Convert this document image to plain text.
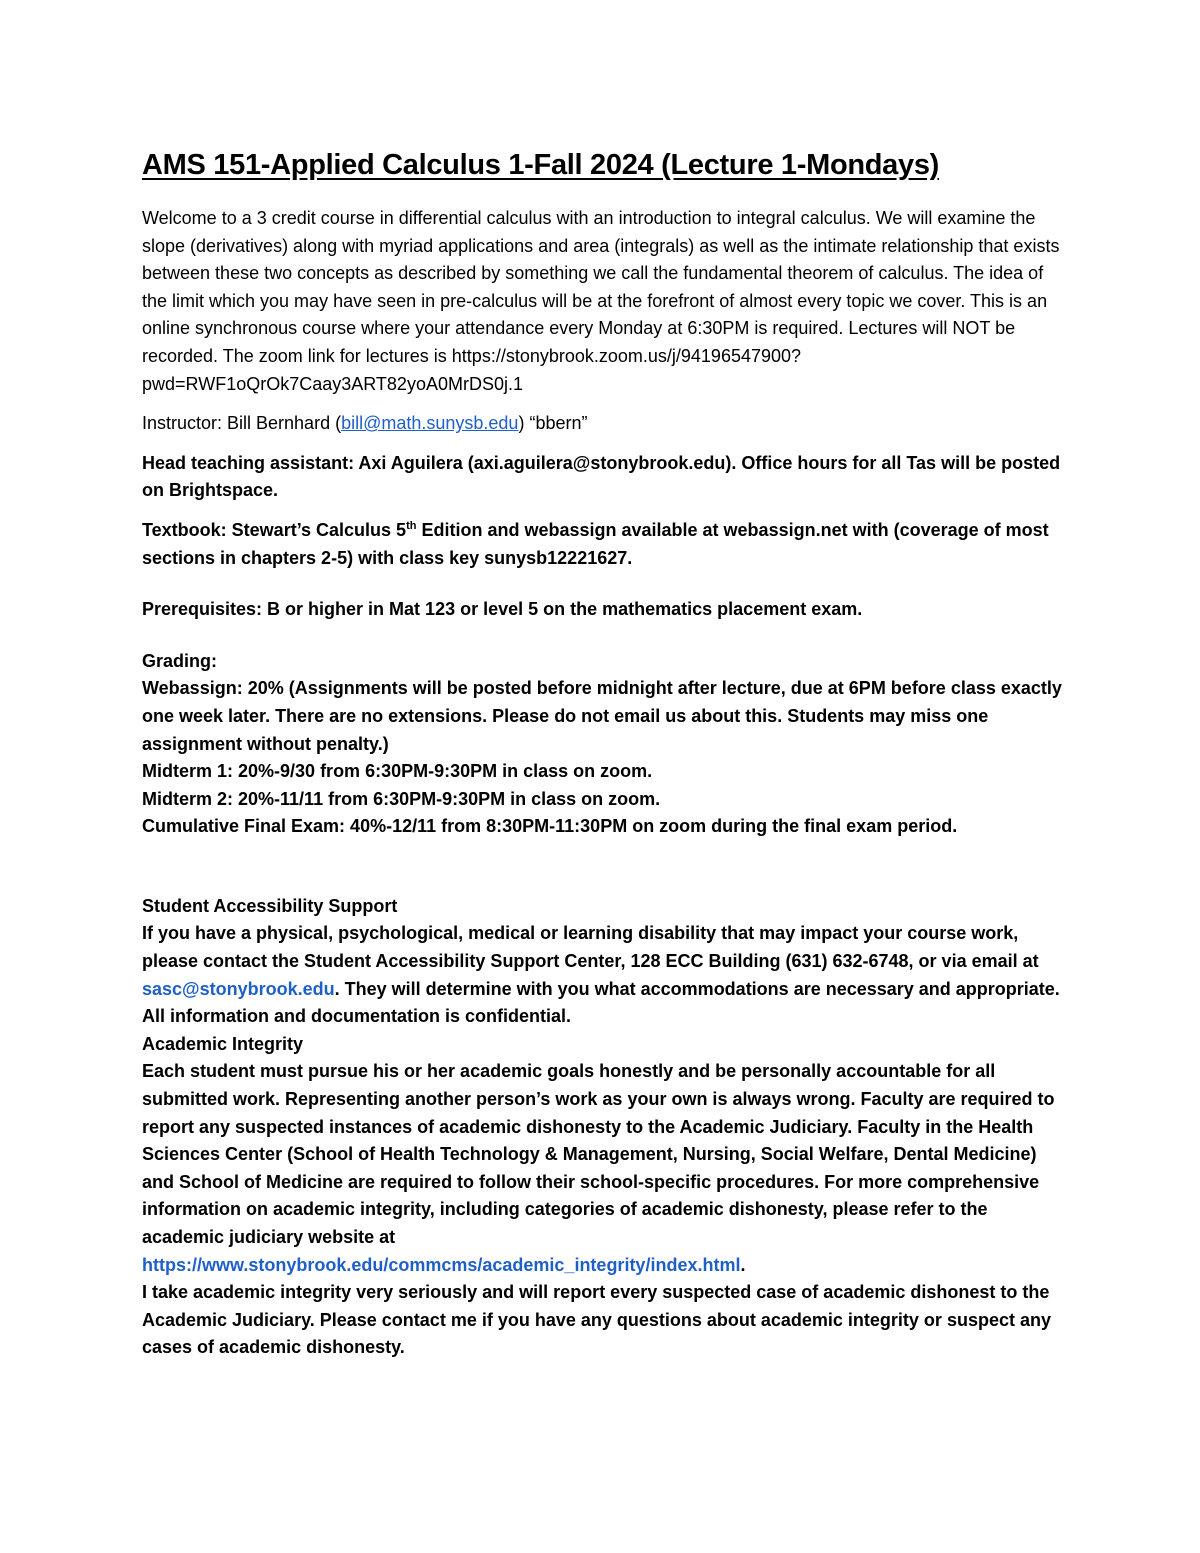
AMS 151-Applied Calculus 1-Fall 2024 (Lecture 1-Mondays)

Welcome to a 3 credit course in differential calculus with an introduction to integral calculus. We will examine the slope (derivatives) along with myriad applications and area (integrals) as well as the intimate relationship that exists between these two concepts as described by something we call the fundamental theorem of calculus. The idea of the limit which you may have seen in pre-calculus will be at the forefront of almost every topic we cover. This is an online synchronous course where your attendance every Monday at 6:30PM is required. Lectures will NOT be recorded. The zoom link for lectures is https://stonybrook.zoom.us/j/94196547900?pwd=RWF1oQrOk7Caay3ART82yoA0MrDS0j.1

Instructor: Bill Bernhard (bill@math.sunysb.edu) “bbern”

Head teaching assistant: Axi Aguilera (axi.aguilera@stonybrook.edu). Office hours for all Tas will be posted on Brightspace.

Textbook: Stewart’s Calculus 5th Edition and webassign available at webassign.net with (coverage of most sections in chapters 2-5) with class key sunysb12221627.

Prerequisites: B or higher in Mat 123 or level 5 on the mathematics placement exam.

Grading:

Webassign: 20% (Assignments will be posted before midnight after lecture, due at 6PM before class exactly one week later. There are no extensions. Please do not email us about this. Students may miss one assignment without penalty.)

Midterm 1: 20%-9/30 from 6:30PM-9:30PM in class on zoom.

Midterm 2: 20%-11/11 from 6:30PM-9:30PM in class on zoom.

Cumulative Final Exam: 40%-12/11 from 8:30PM-11:30PM on zoom during the final exam period.

Student Accessibility Support

If you have a physical, psychological, medical or learning disability that may impact your course work, please contact the Student Accessibility Support Center, 128 ECC Building (631) 632-6748, or via email at sasc@stonybrook.edu. They will determine with you what accommodations are necessary and appropriate. All information and documentation is confidential.

Academic Integrity

Each student must pursue his or her academic goals honestly and be personally accountable for all submitted work. Representing another person’s work as your own is always wrong. Faculty are required to report any suspected instances of academic dishonesty to the Academic Judiciary. Faculty in the Health Sciences Center (School of Health Technology & Management, Nursing, Social Welfare, Dental Medicine) and School of Medicine are required to follow their school-specific procedures. For more comprehensive information on academic integrity, including categories of academic dishonesty, please refer to the academic judiciary website at

https://www.stonybrook.edu/commcms/academic_integrity/index.html.

I take academic integrity very seriously and will report every suspected case of academic dishonest to the Academic Judiciary. Please contact me if you have any questions about academic integrity or suspect any cases of academic dishonesty.
